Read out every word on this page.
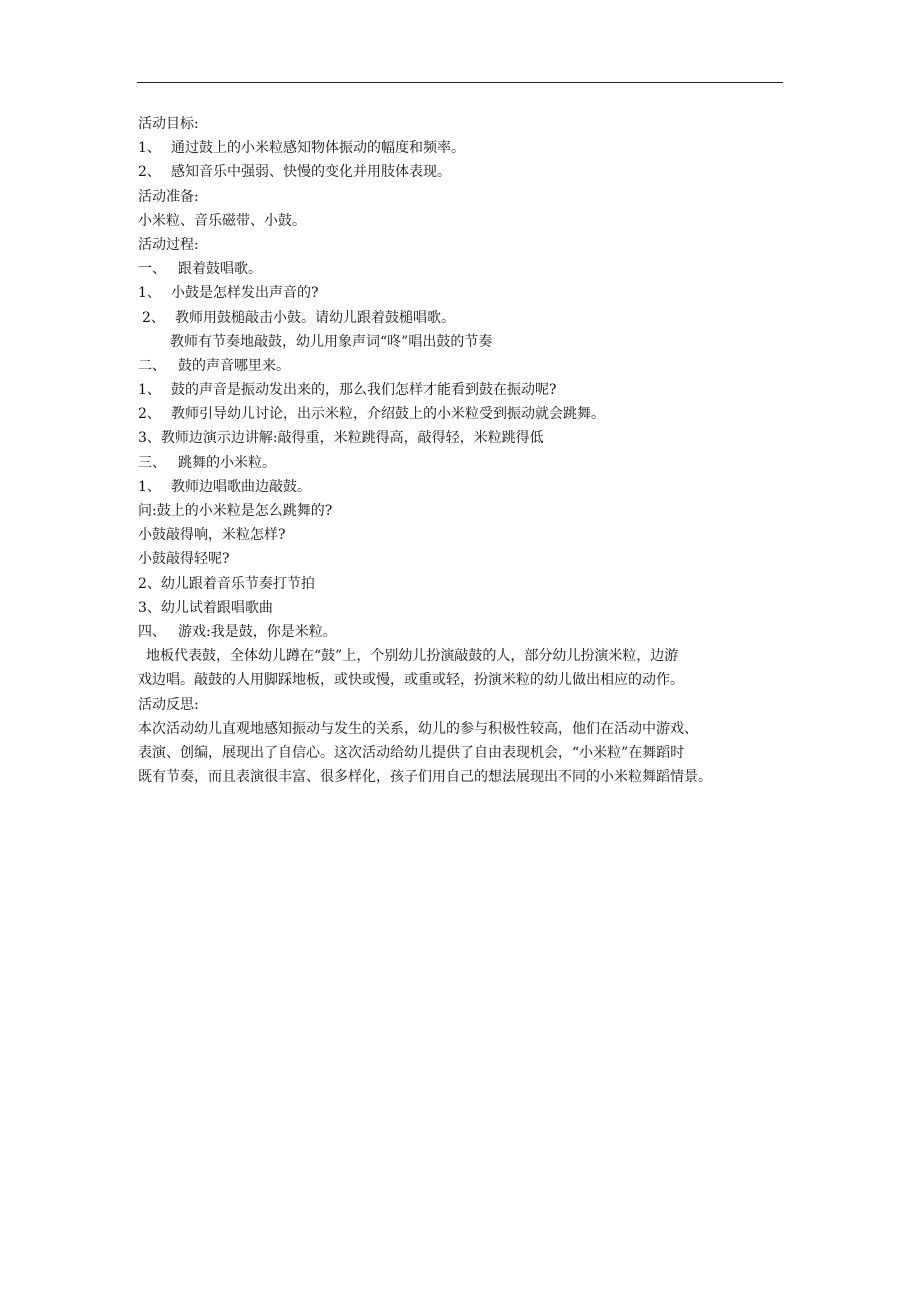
活动目标:
1、 通过鼓上的小米粒感知物体振动的幅度和频率。
2、 感知音乐中强弱、快慢的变化并用肢体表现。
活动准备:
小米粒、音乐磁带、小鼓。
活动过程:
一、 跟着鼓唱歌。
1、 小鼓是怎样发出声音的?
2、 教师用鼓槌敲击小鼓。请幼儿跟着鼓槌唱歌。
教师有节奏地敲鼓，幼儿用象声词“咚”唱出鼓的节奏
二、 鼓的声音哪里来。
1、 鼓的声音是振动发出来的，那么我们怎样才能看到鼓在振动呢?
2、 教师引导幼儿讨论，出示米粒，介绍鼓上的小米粒受到振动就会跳舞。
3、教师边演示边讲解:敲得重，米粒跳得高，敲得轻，米粒跳得低
三、 跳舞的小米粒。
1、 教师边唱歌曲边敲鼓。
问:鼓上的小米粒是怎么跳舞的?
小鼓敲得响，米粒怎样?
小鼓敲得轻呢?
2、幼儿跟着音乐节奏打节拍
3、幼儿试着跟唱歌曲
四、 游戏:我是鼓，你是米粒。
地板代表鼓，全体幼儿蹲在“鼓”上，个别幼儿扮演敲鼓的人，部分幼儿扮演米粒，边游
戏边唱。敲鼓的人用脚踩地板，或快或慢，或重或轻，扮演米粒的幼儿做出相应的动作。
活动反思:
本次活动幼儿直观地感知振动与发生的关系，幼儿的参与积极性较高，他们在活动中游戏、
表演、创编，展现出了自信心。这次活动给幼儿提供了自由表现机会，“小米粒”在舞蹈时
既有节奏，而且表演很丰富、很多样化，孩子们用自己的想法展现出不同的小米粒舞蹈情景。
